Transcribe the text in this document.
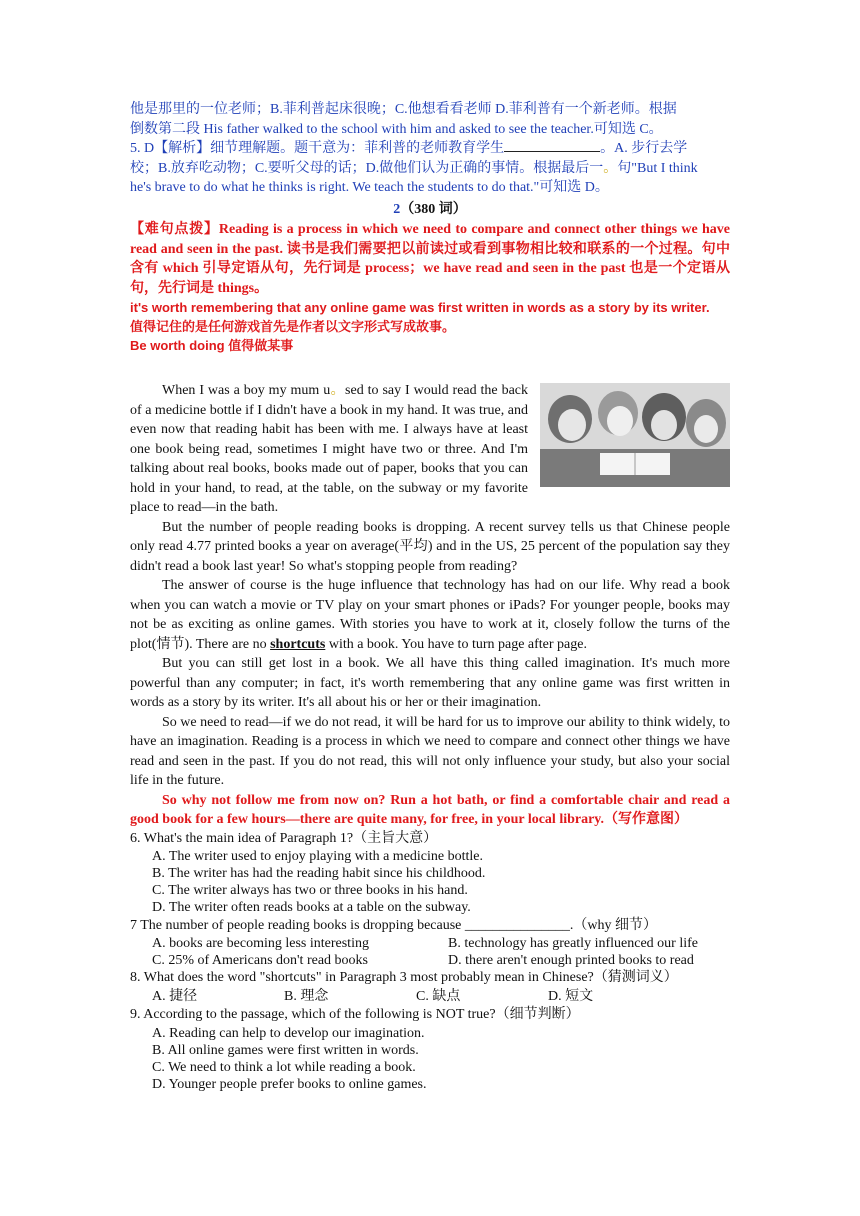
他是那里的一位老师；B.菲利普起床很晚；C.他想看看老师 D.菲利普有一个新老师。根据
倒数第二段 His father walked to the school with him and asked to see the teacher.可知选 C。
5. D【解析】细节理解题。题干意为：菲利普的老师教育学生	。A. 步行去学
校；B.放弃吃动物；C.要听父母的话；D.做他们认为正确的事情。根据最后一。句"But I think
he's brave to do what he thinks is right. We teach the students to do that."可知选 D。
2（380 词）
【难句点拨】Reading is a process in which we need to compare and connect other things we have read and seen in the past. 读书是我们需要把以前读过或看到事物相比较和联系的一个过程。句中含有 which 引导定语从句，先行词是 process；we have read and seen in the past 也是一个定语从句，先行词是 things。
it's worth remembering that any online game was first written in words as a story by its writer.
值得记住的是任何游戏首先是作者以文字形式写成故事。
Be worth doing 值得做某事
When I was a boy my mum u。sed to say I would read the back of a medicine bottle if I didn't have a book in my hand. It was true, and even now that reading habit has been with me. I always have at least one book being read, sometimes I might have two or three. And I'm talking about real books, books made out of paper, books that you can hold in your hand, to read, at the table, on the subway or my favorite place to read—in the bath.
But the number of people reading books is dropping. A recent survey tells us that Chinese people only read 4.77 printed books a year on average(平均) and in the US, 25 percent of the population say they didn't read a book last year! So what's stopping people from reading?
The answer of course is the huge influence that technology has had on our life. Why read a book when you can watch a movie or TV play on your smart phones or iPads? For younger people, books may not be as exciting as online games. With stories you have to work at it, closely follow the turns of the plot(情节). There are no shortcuts with a book. You have to turn page after page.
But you can still get lost in a book. We all have this thing called imagination. It's much more powerful than any computer; in fact, it's worth remembering that any online game was first written in words as a story by its writer. It's all about his or her or their imagination.
So we need to read—if we do not read, it will be hard for us to improve our ability to think widely, to have an imagination. Reading is a process in which we need to compare and connect other things we have read and seen in the past. If you do not read, this will not only influence your study, but also your social life in the future.
So why not follow me from now on? Run a hot bath, or find a comfortable chair and read a good book for a few hours—there are quite many, for free, in your local library.（写作意图）
6. What's the main idea of Paragraph 1?（主旨大意）
A. The writer used to enjoy playing with a medicine bottle.
B. The writer has had the reading habit since his childhood.
C. The writer always has two or three books in his hand.
D. The writer often reads books at a table on the subway.
7 The number of people reading books is dropping because _______________.（why 细节）
A. books are becoming less interesting	B. technology has greatly influenced our life
C. 25% of Americans don't read books	D. there aren't enough printed books to read
8. What does the word "shortcuts" in Paragraph 3 most probably mean in Chinese?（猜测词义）
A. 捷径	B. 理念	C. 缺点	D. 短文
9. According to the passage, which of the following is NOT true?（细节判断）
A. Reading can help to develop our imagination.
B. All online games were first written in words.
C. We need to think a lot while reading a book.
D. Younger people prefer books to online games.
